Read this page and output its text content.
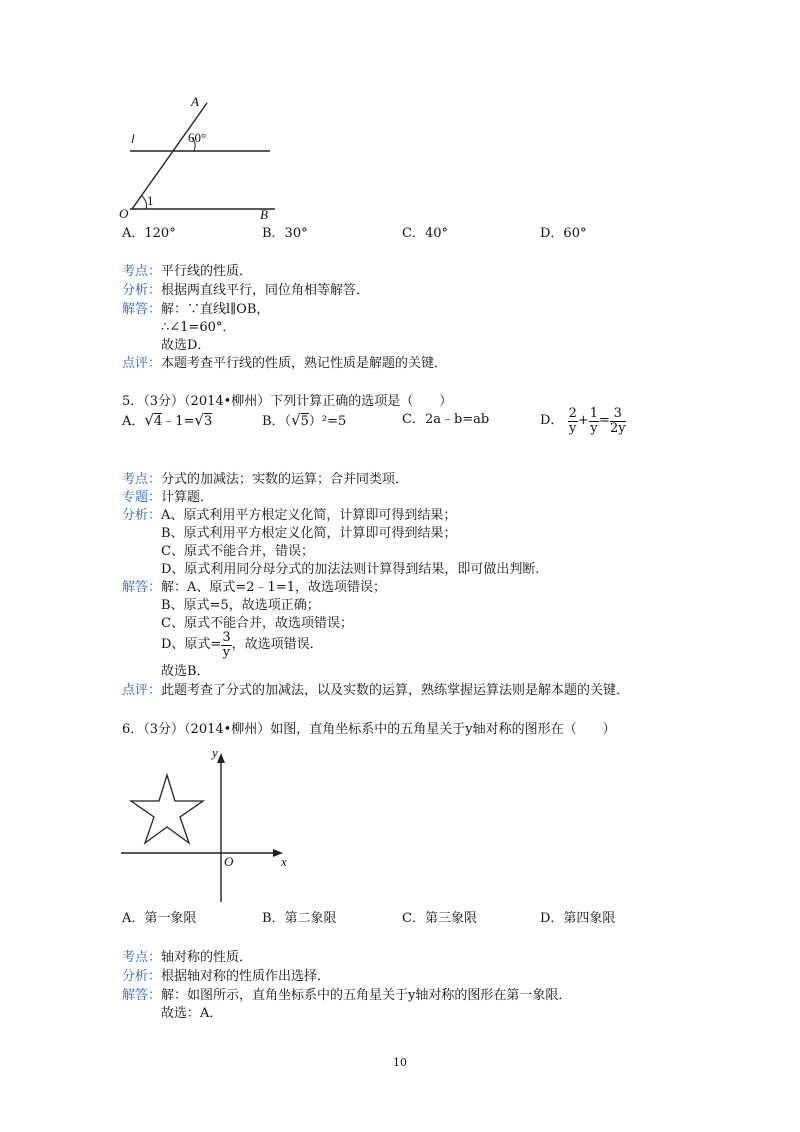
A
l	60°
O
1
B
A．120°	B．30°	C．40°	D．60°
考点： 平行线的性质．
分析： 根据两直线平行，同位角相等解答．
解答： 解：∵直线l∥OB，
∴∠1=60°．
故选D．
点评： 本题考查平行线的性质，熟记性质是解题的关键．
5．（3分）（2014•柳州）下列计算正确的选项是（　　）
A．√4﹣1=√3	B．（√5）²=5	C．2a﹣b=ab	D． $\frac{2}{y} + \frac{1}{y} = \frac{3}{2y}$
考点： 分式的加减法；实数的运算；合并同类项．
专题： 计算题．
分析： A、原式利用平方根定义化简，计算即可得到结果；
B、原式利用平方根定义化简，计算即可得到结果；
C、原式不能合并，错误；
D、原式利用同分母分式的加法法则计算得到结果，即可做出判断．
解答： 解：A、原式=2﹣1=1，故选项错误；
B、原式=5，故选项正确；
C、原式不能合并，故选项错误；
D、原式= $\frac{3}{y}$ ，故选项错误．
故选B．
点评： 此题考查了分式的加减法，以及实数的运算，熟练掌握运算法则是解本题的关键．
6．（3分）（2014•柳州）如图，直角坐标系中的五角星关于y轴对称的图形在（　　）
y
x
O
A．第一象限	B．第二象限	C．第三象限	D．第四象限
考点： 轴对称的性质．
分析： 根据轴对称的性质作出选择．
解答： 解：如图所示，直角坐标系中的五角星关于y轴对称的图形在第一象限．
故选：A．
10
